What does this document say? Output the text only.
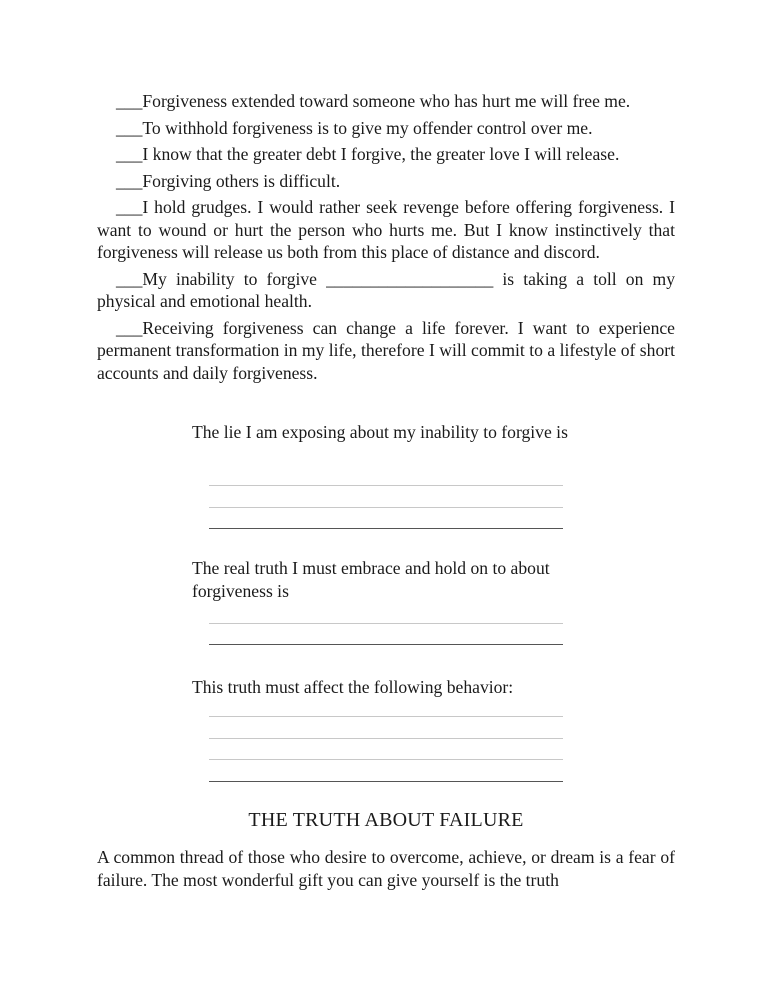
___Forgiveness extended toward someone who has hurt me will free me.

___To withhold forgiveness is to give my offender control over me.

___I know that the greater debt I forgive, the greater love I will release.

___Forgiving others is difficult.

___I hold grudges. I would rather seek revenge before offering forgiveness. I want to wound or hurt the person who hurts me. But I know instinctively that forgiveness will release us both from this place of distance and discord.

___My inability to forgive ___________________ is taking a toll on my physical and emotional health.

___Receiving forgiveness can change a life forever. I want to experience permanent transformation in my life, therefore I will commit to a lifestyle of short accounts and daily forgiveness.

The lie I am exposing about my inability to forgive is

The real truth I must embrace and hold on to about forgiveness is

This truth must affect the following behavior:

THE TRUTH ABOUT FAILURE

A common thread of those who desire to overcome, achieve, or dream is a fear of failure. The most wonderful gift you can give yourself is the truth
